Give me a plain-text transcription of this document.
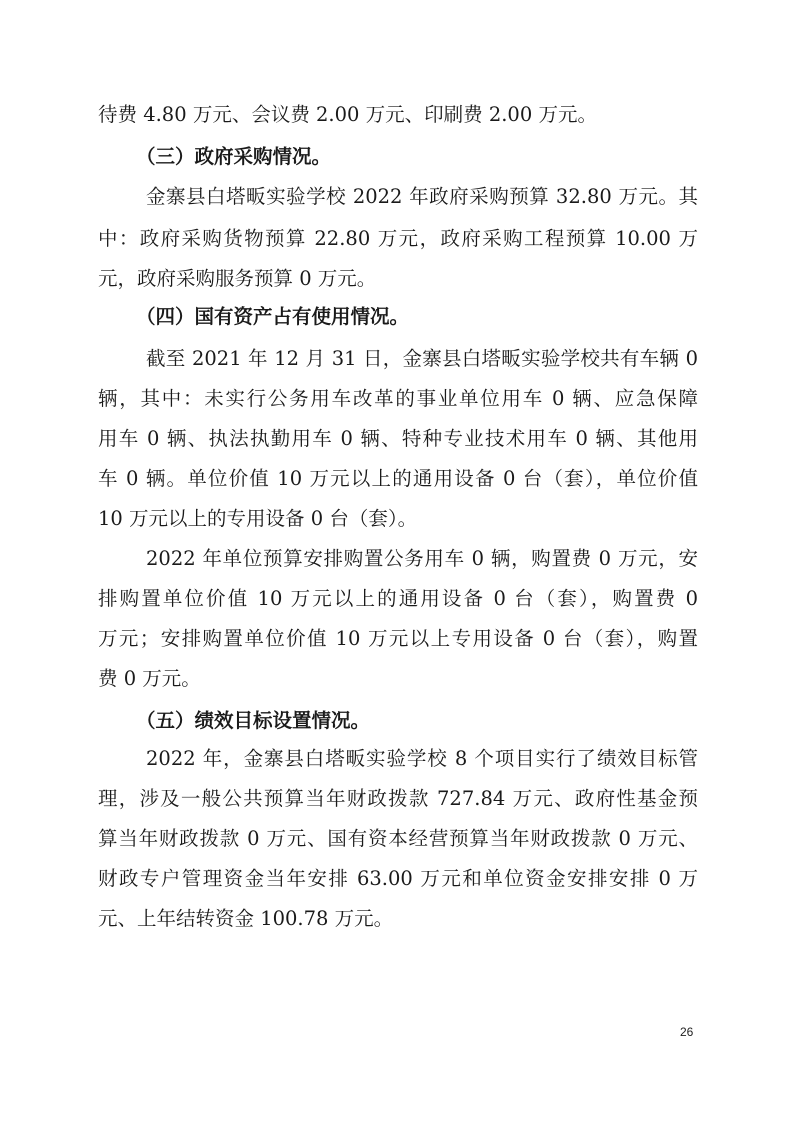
待费 4.80 万元、会议费 2.00 万元、印刷费 2.00 万元。
（三）政府采购情况。
金寨县白塔畈实验学校 2022 年政府采购预算 32.80 万元。其
中：政府采购货物预算 22.80 万元，政府采购工程预算 10.00 万
元，政府采购服务预算 0 万元。
（四）国有资产占有使用情况。
截至 2021 年 12 月 31 日，金寨县白塔畈实验学校共有车辆 0
辆，其中：未实行公务用车改革的事业单位用车 0 辆、应急保障
用车 0 辆、执法执勤用车 0 辆、特种专业技术用车 0 辆、其他用
车 0 辆。单位价值 10 万元以上的通用设备 0 台（套），单位价值
10 万元以上的专用设备 0 台（套）。
2022 年单位预算安排购置公务用车 0 辆，购置费 0 万元，安
排购置单位价值 10 万元以上的通用设备 0 台（套），购置费 0
万元；安排购置单位价值 10 万元以上专用设备 0 台（套），购置
费 0 万元。
（五）绩效目标设置情况。
2022 年，金寨县白塔畈实验学校 8 个项目实行了绩效目标管
理，涉及一般公共预算当年财政拨款 727.84 万元、政府性基金预
算当年财政拨款 0 万元、国有资本经营预算当年财政拨款 0 万元、
财政专户管理资金当年安排 63.00 万元和单位资金安排安排 0 万
元、上年结转资金 100.78 万元。
26
